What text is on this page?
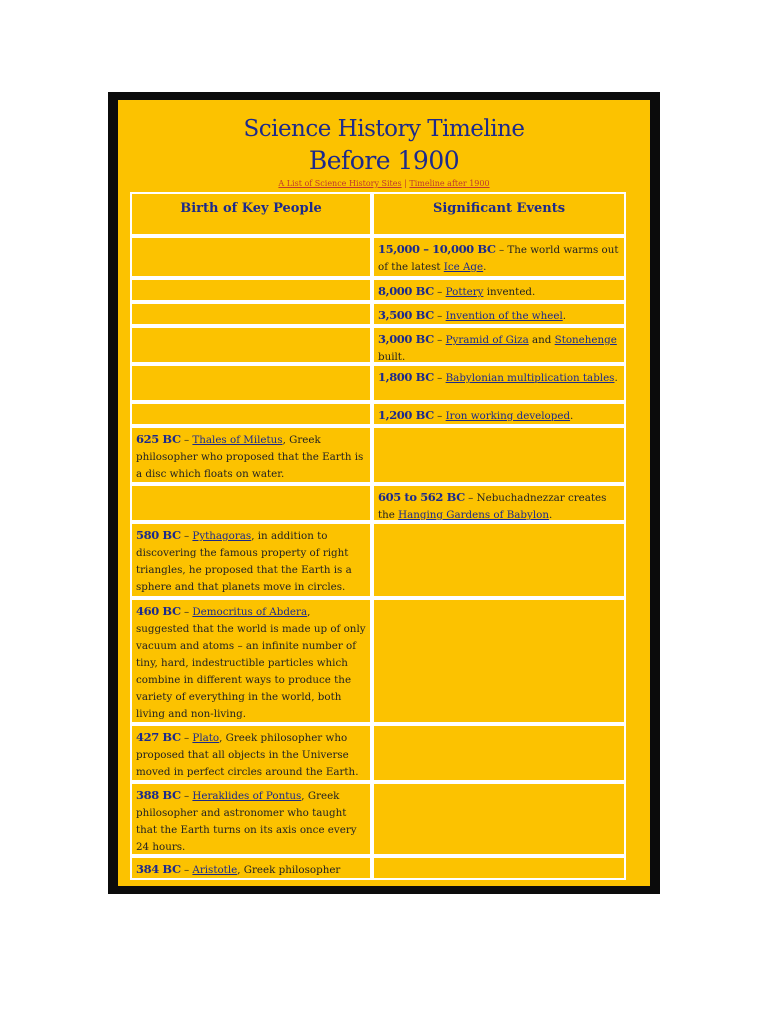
Science History Timeline
Before 1900
A List of Science History Sites | Timeline after 1900
Birth of Key People	Significant Events
15,000 – 10,000 BC – The world warms out of the latest Ice Age.
8,000 BC – Pottery invented.
3,500 BC – Invention of the wheel.
3,000 BC – Pyramid of Giza and Stonehenge built.
1,800 BC – Babylonian multiplication tables.
1,200 BC – Iron working developed.
625 BC – Thales of Miletus, Greek philosopher who proposed that the Earth is a disc which floats on water.
605 to 562 BC – Nebuchadnezzar creates the Hanging Gardens of Babylon.
580 BC – Pythagoras, in addition to discovering the famous property of right triangles, he proposed that the Earth is a sphere and that planets move in circles.
460 BC – Democritus of Abdera, suggested that the world is made up of only vacuum and atoms – an infinite number of tiny, hard, indestructible particles which combine in different ways to produce the variety of everything in the world, both living and non-living.
427 BC – Plato, Greek philosopher who proposed that all objects in the Universe moved in perfect circles around the Earth.
388 BC – Heraklides of Pontus, Greek philosopher and astronomer who taught that the Earth turns on its axis once every 24 hours.
384 BC – Aristotle, Greek philosopher
